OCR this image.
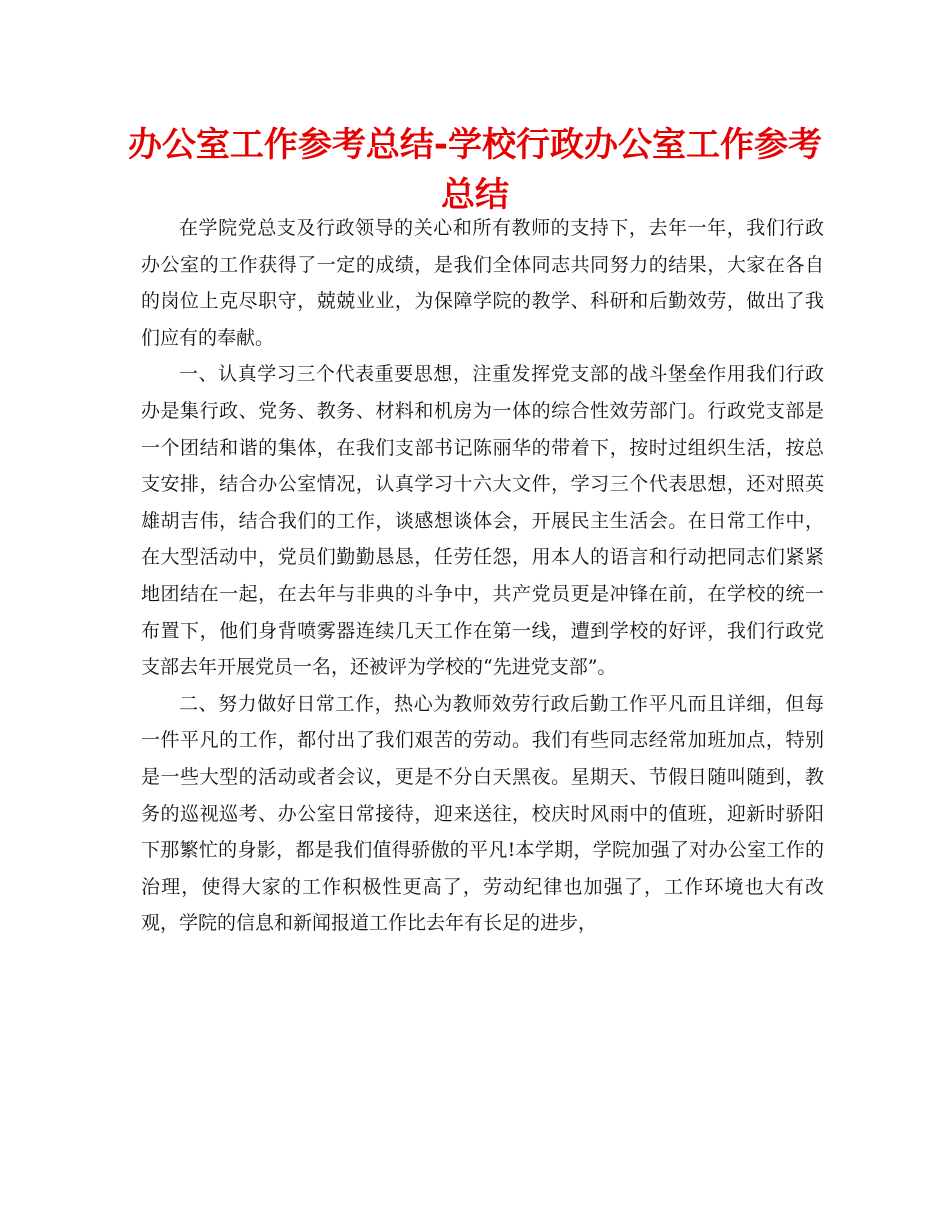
办公室工作参考总结-学校行政办公室工作参考总结

在学院党总支及行政领导的关心和所有教师的支持下，去年一年，我们行政办公室的工作获得了一定的成绩，是我们全体同志共同努力的结果，大家在各自的岗位上克尽职守，兢兢业业，为保障学院的教学、科研和后勤效劳，做出了我们应有的奉献。

一、认真学习三个代表重要思想，注重发挥党支部的战斗堡垒作用我们行政办是集行政、党务、教务、材料和机房为一体的综合性效劳部门。行政党支部是一个团结和谐的集体，在我们支部书记陈丽华的带着下，按时过组织生活，按总支安排，结合办公室情况，认真学习十六大文件，学习三个代表思想，还对照英雄胡吉伟，结合我们的工作，谈感想谈体会，开展民主生活会。在日常工作中，在大型活动中，党员们勤勤恳恳，任劳任怨，用本人的语言和行动把同志们紧紧地团结在一起，在去年与非典的斗争中，共产党员更是冲锋在前，在学校的统一布置下，他们身背喷雾器连续几天工作在第一线，遭到学校的好评，我们行政党支部去年开展党员一名，还被评为学校的“先进党支部”。

二、努力做好日常工作，热心为教师效劳行政后勤工作平凡而且详细，但每一件平凡的工作，都付出了我们艰苦的劳动。我们有些同志经常加班加点，特别是一些大型的活动或者会议，更是不分白天黑夜。星期天、节假日随叫随到，教务的巡视巡考、办公室日常接待，迎来送往，校庆时风雨中的值班，迎新时骄阳下那繁忙的身影，都是我们值得骄傲的平凡!本学期，学院加强了对办公室工作的治理，使得大家的工作积极性更高了，劳动纪律也加强了，工作环境也大有改观，学院的信息和新闻报道工作比去年有长足的进步，
